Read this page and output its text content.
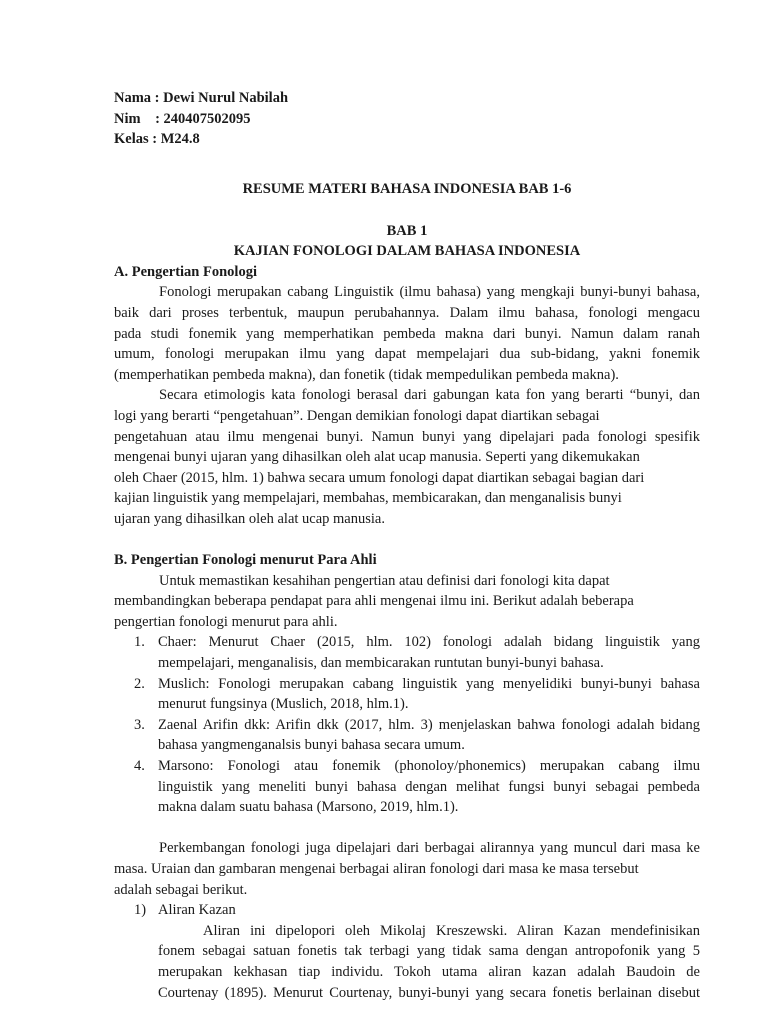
Nama : Dewi Nurul Nabilah
Nim    : 240407502095
Kelas : M24.8
RESUME MATERI BAHASA INDONESIA BAB 1-6
BAB 1
KAJIAN FONOLOGI DALAM BAHASA INDONESIA
A. Pengertian Fonologi
Fonologi merupakan cabang Linguistik (ilmu bahasa) yang mengkaji bunyi-bunyi bahasa,
baik dari proses terbentuk, maupun perubahannya. Dalam ilmu bahasa, fonologi mengacu
pada studi fonemik yang memperhatikan pembeda makna dari bunyi. Namun dalam ranah
umum, fonologi merupakan ilmu yang dapat mempelajari dua sub-bidang, yakni fonemik
(memperhatikan pembeda makna), dan fonetik (tidak mempedulikan pembeda makna).
Secara etimologis kata fonologi berasal dari gabungan kata fon yang berarti “bunyi, dan
logi yang berarti “pengetahuan”. Dengan demikian fonologi dapat diartikan sebagai
pengetahuan atau ilmu mengenai bunyi. Namun bunyi yang dipelajari pada fonologi spesifik
mengenai bunyi ujaran yang dihasilkan oleh alat ucap manusia. Seperti yang dikemukakan
oleh Chaer (2015, hlm. 1) bahwa secara umum fonologi dapat diartikan sebagai bagian dari
kajian linguistik yang mempelajari, membahas, membicarakan, dan menganalisis bunyi
ujaran yang dihasilkan oleh alat ucap manusia.
B. Pengertian Fonologi menurut Para Ahli
Untuk memastikan kesahihan pengertian atau definisi dari fonologi kita dapat
membandingkan beberapa pendapat para ahli mengenai ilmu ini. Berikut adalah beberapa
pengertian fonologi menurut para ahli.
1. Chaer: Menurut Chaer (2015, hlm. 102) fonologi adalah bidang linguistik yang
mempelajari, menganalisis, dan membicarakan runtutan bunyi-bunyi bahasa.
2. Muslich: Fonologi merupakan cabang linguistik yang menyelidiki bunyi-bunyi bahasa
menurut fungsinya (Muslich, 2018, hlm.1).
3. Zaenal Arifin dkk: Arifin dkk (2017, hlm. 3) menjelaskan bahwa fonologi adalah bidang
bahasa yangmenganalsis bunyi bahasa secara umum.
4. Marsono: Fonologi atau fonemik (phonoloy/phonemics) merupakan cabang ilmu
linguistik yang meneliti bunyi bahasa dengan melihat fungsi bunyi sebagai pembeda
makna dalam suatu bahasa (Marsono, 2019, hlm.1).
Perkembangan fonologi juga dipelajari dari berbagai alirannya yang muncul dari masa ke
masa. Uraian dan gambaran mengenai berbagai aliran fonologi dari masa ke masa tersebut
adalah sebagai berikut.
1) Aliran Kazan
Aliran ini dipelopori oleh Mikolaj Kreszewski. Aliran Kazan mendefinisikan
fonem sebagai satuan fonetis tak terbagi yang tidak sama dengan antropofonik yang 5
merupakan kekhasan tiap individu. Tokoh utama aliran kazan adalah Baudoin de
Courtenay (1895). Menurut Courtenay, bunyi-bunyi yang secara fonetis berlainan disebut
